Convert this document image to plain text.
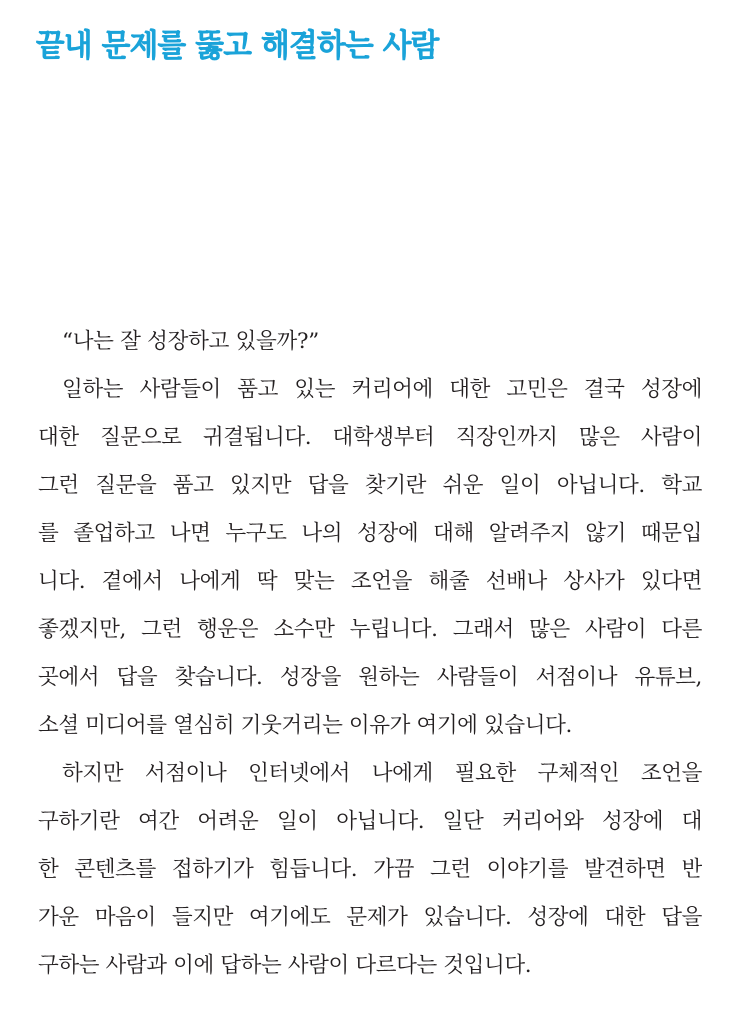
끝내 문제를 뚫고 해결하는 사람

“나는 잘 성장하고 있을까?”

일하는 사람들이 품고 있는 커리어에 대한 고민은 결국 성장에
대한 질문으로 귀결됩니다. 대학생부터 직장인까지 많은 사람이
그런 질문을 품고 있지만 답을 찾기란 쉬운 일이 아닙니다. 학교
를 졸업하고 나면 누구도 나의 성장에 대해 알려주지 않기 때문입
니다. 곁에서 나에게 딱 맞는 조언을 해줄 선배나 상사가 있다면
좋겠지만, 그런 행운은 소수만 누립니다. 그래서 많은 사람이 다른
곳에서 답을 찾습니다. 성장을 원하는 사람들이 서점이나 유튜브,
소셜 미디어를 열심히 기웃거리는 이유가 여기에 있습니다.

하지만 서점이나 인터넷에서 나에게 필요한 구체적인 조언을
구하기란 여간 어려운 일이 아닙니다. 일단 커리어와 성장에 대
한 콘텐츠를 접하기가 힘듭니다. 가끔 그런 이야기를 발견하면 반
가운 마음이 들지만 여기에도 문제가 있습니다. 성장에 대한 답을
구하는 사람과 이에 답하는 사람이 다르다는 것입니다.
